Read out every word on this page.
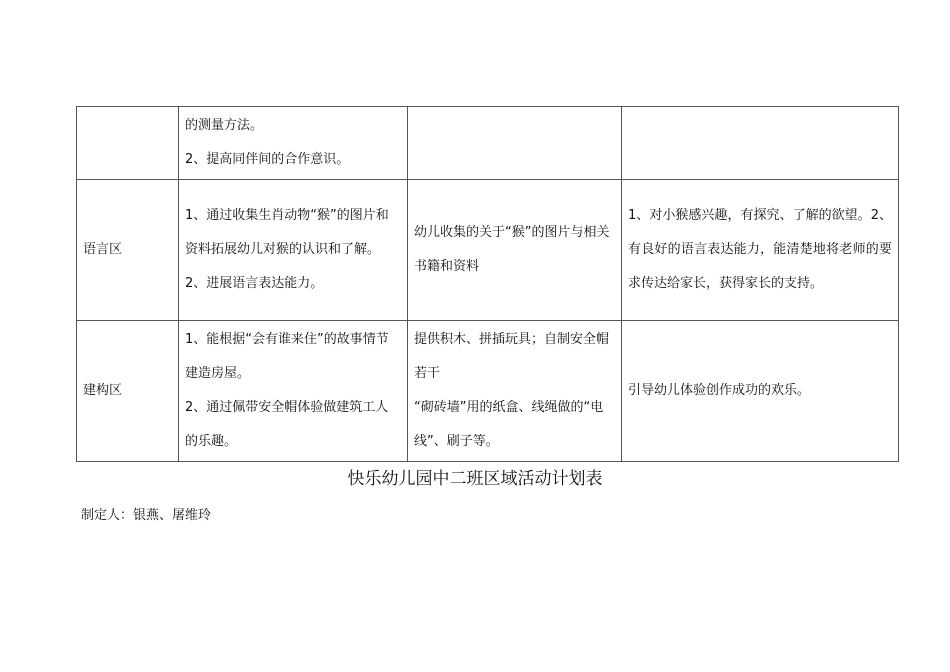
	的测量方法。
2、提高同伴间的合作意识。		

语言区	1、通过收集生肖动物“猴”的图片和资料拓展幼儿对猴的认识和了解。
2、进展语言表达能力。	幼儿收集的关于“猴”的图片与相关书籍和资料	1、对小猴感兴趣，有探究、了解的欲望。2、有良好的语言表达能力，能清楚地将老师的要求传达给家长，获得家长的支持。

建构区	1、能根据“会有谁来住”的故事情节建造房屋。
2、通过佩带安全帽体验做建筑工人的乐趣。	提供积木、拼插玩具；自制安全帽若干
“砌砖墙”用的纸盒、线绳做的“电线”、刷子等。	引导幼儿体验创作成功的欢乐。
快乐幼儿园中二班区域活动计划表
制定人：银燕、屠维玲
